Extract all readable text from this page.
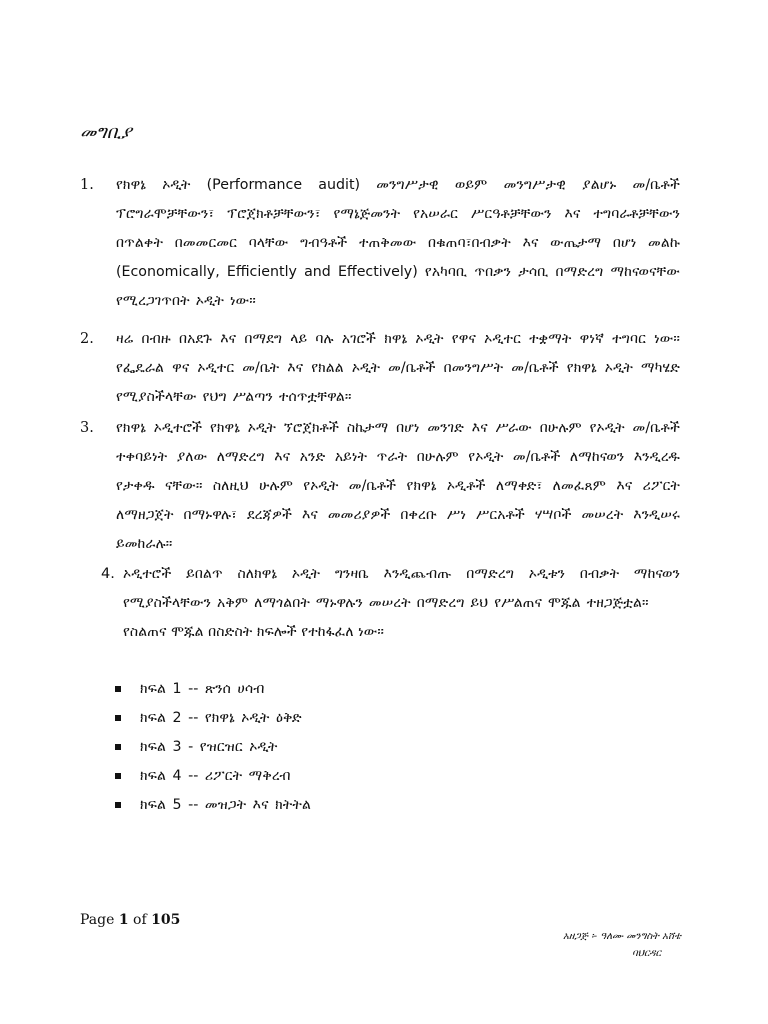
መግቢያ
1. የክዋኔ ኦዲት (Performance audit) መንግሥታዊ ወይም መንግሥታዊ ያልሆኑ መ/ቤቶች ፕሮግራሞቻቸውን፣ ፕሮጀክቶቻቸውን፣ የማኔጅመንት የአሠራር ሥርዓቶቻቸውን እና ተግባራቶቻቸውን በጥልቀት በመመርመር ባላቸው ግብዓቶች ተጠቅመው በቁጠባ፣በብቃት እና ውጤታማ በሆነ መልኩ (Economically, Efficiently and Effectively) የአካባቢ ጥበቃን ታሳቢ በማድረግ ማከናወናቸው የሚረጋገጥበት ኦዲት ነው።
2. ዛሬ በብዙ በአደጉ እና በማደግ ላይ ባሉ አገሮች ክዋኔ ኦዲት የዋና ኦዲተር ተቋማት ዋነኛ ተግባር ነው። የፌዴራል ዋና ኦዲተር መ/ቤት እና የክልል ኦዲት መ/ቤቶች በመንግሥት መ/ቤቶች የክዋኔ ኦዲት ማካሄድ የሚያስችላቸው የህግ ሥልጣን ተሰጥቷቸዋል።
3. የክዋኔ ኦዲተሮች የክዋኔ ኦዲት ኘሮጀክቶች ስኬታማ በሆነ መንገድ እና ሥራው በሁሉም የኦዲት መ/ቤቶች ተቀባይነት ያለው ለማድረግ እና አንድ አይነት ጥራት በሁሉም የኦዲት መ/ቤቶች ለማከናወን እንዲረዱ የታቀዱ ናቸው። ስለዚህ ሁሉም የኦዲት መ/ቤቶች የክዋኔ ኦዲቶች ለማቀድ፣ ለመፈጸም እና ሪፖርት ለማዘጋጀት በማኑዋሉ፣ ደረጃዎች እና መመሪያዎች በቀረቡ ሥነ ሥርአቶች ሃሣቦች መሠረት እንዲሠሩ ይመከራሉ።
4. ኦዲተሮች ይበልጥ ስለክዋኔ ኦዲት ግንዛቤ እንዲጨብጡ በማድረግ ኦዲቱን በብቃት ማከናወን የሚያስችላቸውን አቅም ለማጎልበት ማኑዋሉን መሠረት በማድረግ ይህ የሥልጠና ሞጁል ተዘጋጅቷል።
የስልጠና ሞጁል በስድስት ክፍሎች የተከፋፈለ ነው።
ክፍል 1 -- ጽንሰ ሀሳብ
ክፍል 2 -- የክዋኔ ኦዲት ዕቅድ
ክፍል 3 - የዝርዝር ኦዲት
ክፍል 4 -- ሪፖርት ማቅረብ
ክፍል 5 -- መዝጋት እና ክትትል
Page 1 of 105
አዘጋጅ ፡- ዓለሙ መንግስት አሸቴ
ባህርዳር
